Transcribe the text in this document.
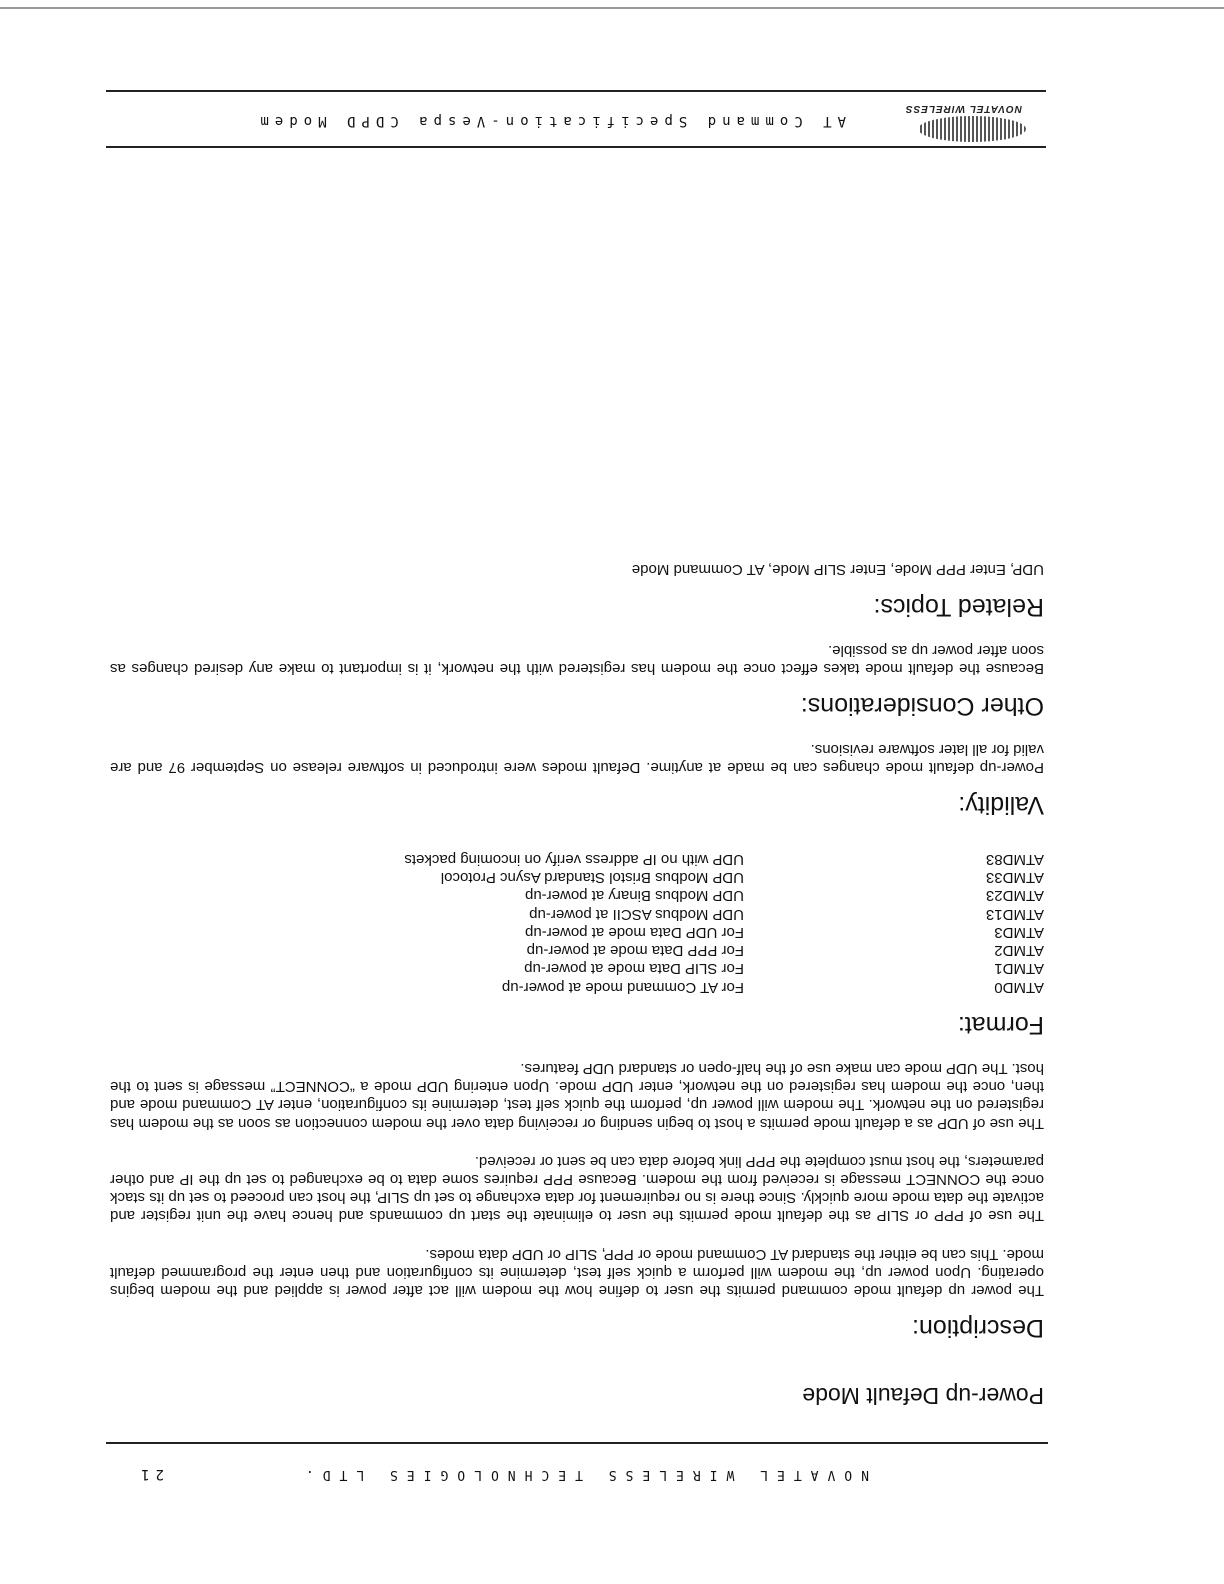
NOVATEL WIRELESS
AT Command Specification-Vespa CDPD Modem
Power-up Default Mode
Description:

The power up default mode command permits the user to define how the modem will act after power is applied and the modem begins operating. Upon power up, the modem will perform a quick self test, determine its configuration and then enter the programmed default mode. This can be either the standard AT Command mode or PPP, SLIP or UDP data modes.

The use of PPP or SLIP as the default mode permits the user to eliminate the start up commands and hence have the unit register and activate the data mode more quickly. Since there is no requirement for data exchange to set up SLIP, the host can proceed to set up its stack once the CONNECT message is received from the modem. Because PPP requires some data to be exchanged to set up the IP and other parameters, the host must complete the PPP link before data can be sent or received.

The use of UDP as a default mode permits a host to begin sending or receiving data over the modem connection as soon as the modem has registered on the network. The modem will power up, perform the quick self test, determine its configuration, enter AT Command mode and then, once the modem has registered on the network, enter UDP mode. Upon entering UDP mode a “CONNECT” message is sent to the host. The UDP mode can make use of the half-open or standard UDP features.

Format:
ATMD0
For AT Command mode at power-up
ATMD1
For SLIP Data mode at power-up
ATMD2
For PPP Data mode at power-up
ATMD3
For UDP Data mode at power-up
ATMD13
UDP Modbus ASCII at power-up
ATMD23
UDP Modbus Binary at power-up
ATMD33
UDP Modbus Bristol Standard Async Protocol
ATMD83
UDP with no IP address verify on incoming packets
Validity:

Power-up default mode changes can be made at anytime. Default modes were introduced in software release on September 97 and are valid for all later software revisions.

Other Considerations:

Because the default mode takes effect once the modem has registered with the network, it is important to make any desired changes as soon after power up as possible.

Related Topics:

UDP, Enter PPP Mode, Enter SLIP Mode, AT Command Mode

NOVATEL WIRELESS TECHNOLOGIES LTD.
21
